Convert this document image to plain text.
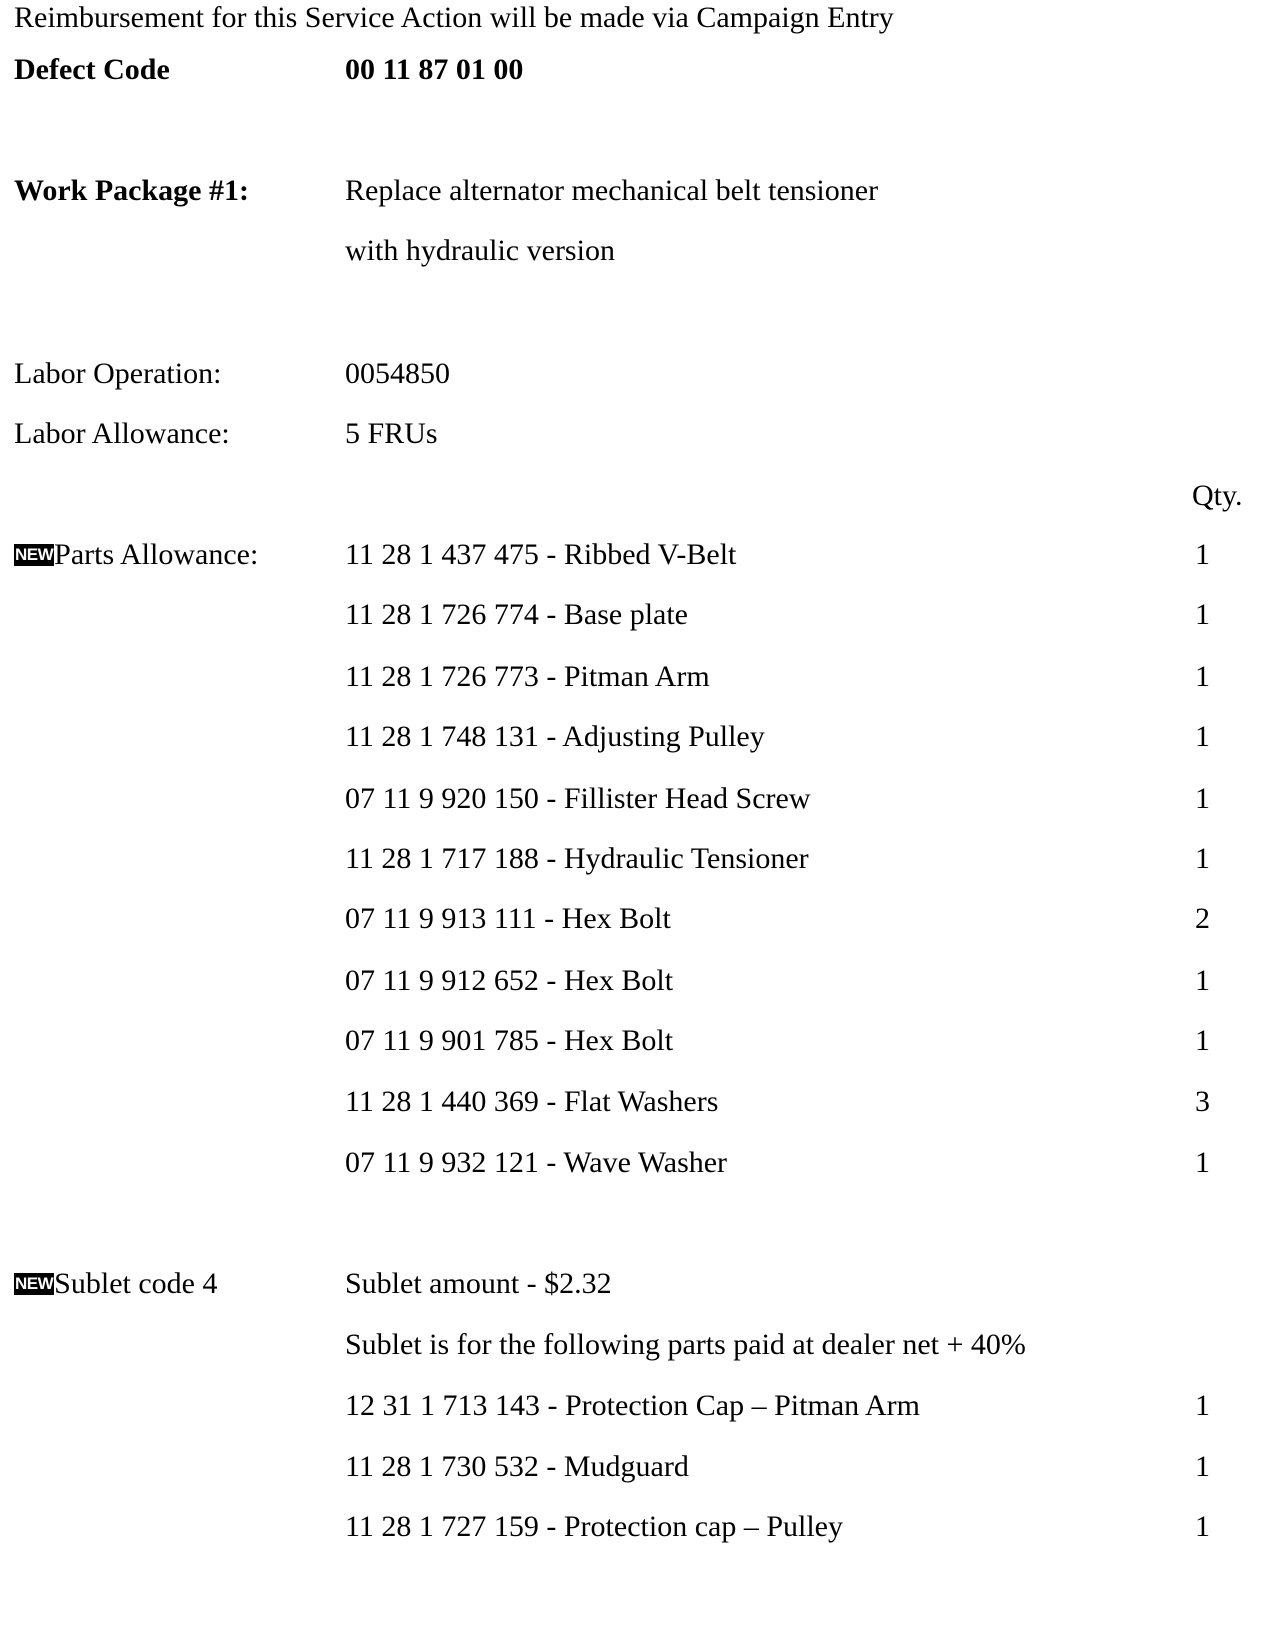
Reimbursement for this Service Action will be made via Campaign Entry
Defect Code	00 11 87 01 00
Work Package #1:	Replace alternator mechanical belt tensioner
with hydraulic version
Labor Operation:	0054850
Labor Allowance:	5 FRUs
Qty.
NEWParts Allowance:	11 28 1 437 475 - Ribbed V-Belt	1
11 28 1 726 774 - Base plate	1
11 28 1 726 773 - Pitman Arm	1
11 28 1 748 131 - Adjusting Pulley	1
07 11 9 920 150 - Fillister Head Screw	1
11 28 1 717 188 - Hydraulic Tensioner	1
07 11 9 913 111 - Hex Bolt	2
07 11 9 912 652 - Hex Bolt	1
07 11 9 901 785 - Hex Bolt	1
11 28 1 440 369 - Flat Washers	3
07 11 9 932 121 - Wave Washer	1
NEWSublet code 4	Sublet amount - $2.32
Sublet is for the following parts paid at dealer net + 40%
12 31 1 713 143 - Protection Cap – Pitman Arm	1
11 28 1 730 532 - Mudguard	1
11 28 1 727 159 - Protection cap – Pulley	1
